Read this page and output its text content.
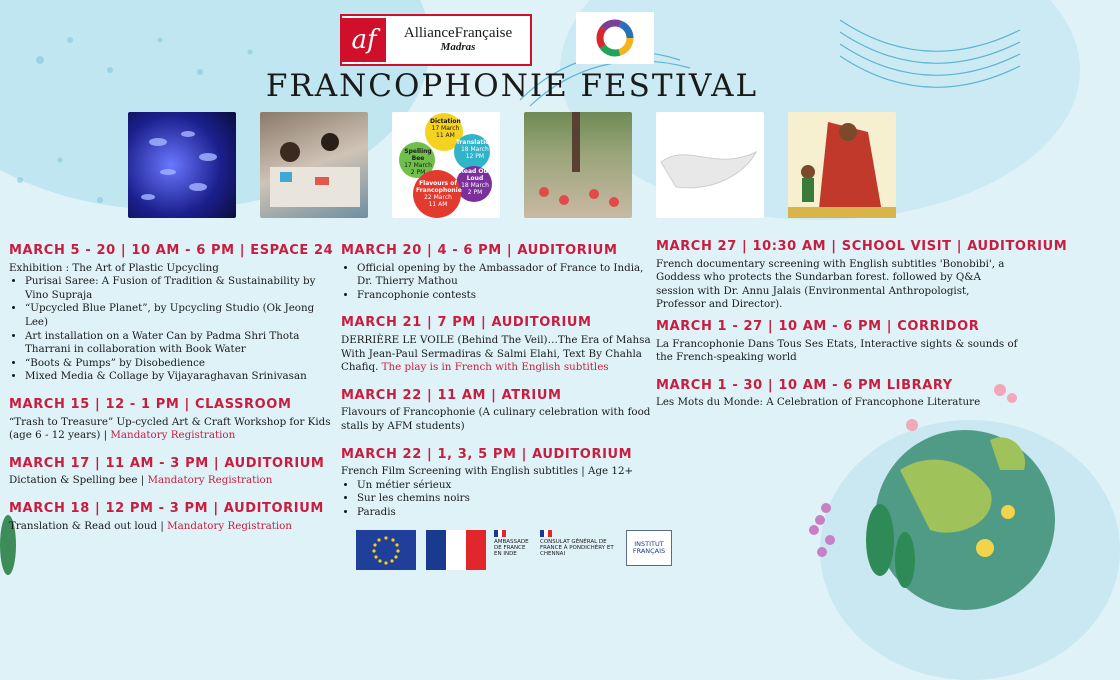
af	AllianceFrançaise
Madras
FRANCOPHONIE FESTIVAL
Dictation
17 March
11 AM
Translation
18 March
12 PM
Spelling Bee
17 March
2 PM	Read Out Loud
18 March
2 PM
Flavours of Francophonie
22 March
11 AM
MARCH 5 - 20 | 10 AM - 6 PM | ESPACE 24
Exhibition : The Art of Plastic Upcycling
• Purisai Saree: A Fusion of Tradition & Sustainability by Vino Supraja
• “Upcycled Blue Planet”, by Upcycling Studio (Ok Jeong Lee)
• Art installation on a Water Can by Padma Shri Thota Tharrani in collaboration with Book Water
• “Boots & Pumps” by Disobedience
• Mixed Media & Collage by Vijayaraghavan Srinivasan
MARCH 15 | 12 - 1 PM | CLASSROOM
“Trash to Treasure” Up-cycled Art & Craft Workshop for Kids (age 6 - 12 years) | Mandatory Registration
MARCH 17 | 11 AM - 3 PM | AUDITORIUM
Dictation & Spelling bee | Mandatory Registration
MARCH 18 | 12 PM - 3 PM | AUDITORIUM
Translation & Read out loud | Mandatory Registration
MARCH 20 | 4 - 6 PM | AUDITORIUM
• Official opening by the Ambassador of France to India, Dr. Thierry Mathou
• Francophonie contests
MARCH 21 | 7 PM | AUDITORIUM
DERRIÈRE LE VOILE (Behind The Veil)…The Era of Mahsa With Jean-Paul Sermadiras & Salmi Elahi, Text By Chahla Chafiq. The play is in French with English subtitles
MARCH 22 | 11 AM | ATRIUM
Flavours of Francophonie (A culinary celebration with food stalls by AFM students)
MARCH 22 | 1, 3, 5 PM | AUDITORIUM
French Film Screening with English subtitles | Age 12+
• Un métier sérieux
• Sur les chemins noirs
• Paradis
MARCH 27 | 10:30 AM | SCHOOL VISIT | AUDITORIUM
French documentary screening with English subtitles 'Bonobibi', a Goddess who protects the Sundarban forest. followed by Q&A session with Dr. Annu Jalais (Environmental Anthropologist, Professor and Director).
MARCH 1 - 27 | 10 AM - 6 PM | CORRIDOR
La Francophonie Dans Tous Ses Etats, Interactive sights & sounds of the French-speaking world
MARCH 1 - 30 | 10 AM - 6 PM LIBRARY
Les Mots du Monde: A Celebration of Francophone Literature
AMBASSADE DE FRANCE EN INDE
CONSULAT GÉNÉRAL DE FRANCE À PONDICHÉRY ET CHENNAI
INSTITUT FRANÇAIS
